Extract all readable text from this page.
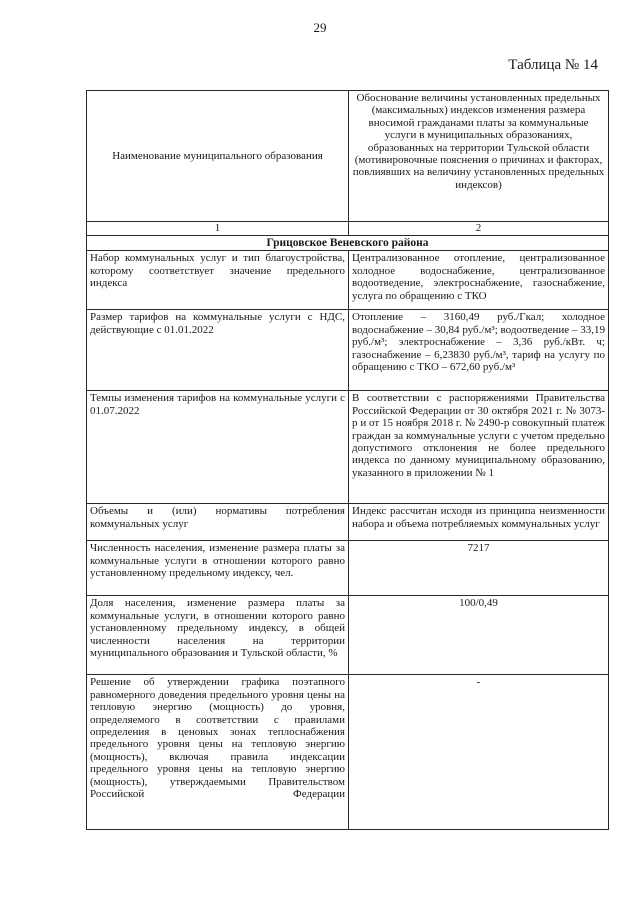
29
Таблица № 14
Наименование муниципального образования	Обоснование величины установленных предельных (максимальных) индексов изменения размера вносимой гражданами платы за коммунальные услуги в муниципальных образованиях, образованных на территории Тульской области (мотивировочные пояснения о причинах и факторах, повлиявших на величину установленных предельных индексов)
1	2
Грицовское Веневского района	
Набор коммунальных услуг и тип благоустройства, которому соответствует значение предельного индекса	Централизованное отопление, централизованное холодное водоснабжение, централизованное водоотведение, электроснабжение, газоснабжение, услуга по обращению с ТКО
Размер тарифов на коммунальные услуги с НДС, действующие с 01.01.2022	Отопление – 3160,49 руб./Гкал; холодное водоснабжение – 30,84 руб./м³; водоотведение – 33,19 руб./м³; электроснабжение – 3,36 руб./кВт. ч; газоснабжение – 6,23830 руб./м³, тариф на услугу по обращению с ТКО – 672,60 руб./м³
Темпы изменения тарифов на коммунальные услуги с 01.07.2022	В соответствии с распоряжениями Правительства Российской Федерации от 30 октября 2021 г. № 3073-р и от 15 ноября 2018 г. № 2490-р совокупный платеж граждан за коммунальные услуги с учетом предельно допустимого отклонения не более предельного индекса по данному муниципальному образованию, указанного в приложении № 1
Объемы и (или) нормативы потребления коммунальных услуг	Индекс рассчитан исходя из принципа неизменности набора и объема потребляемых коммунальных услуг
Численность населения, изменение размера платы за коммунальные услуги в отношении которого равно установленному предельному индексу, чел.	7217
Доля населения, изменение размера платы за коммунальные услуги, в отношении которого равно установленному предельному индексу, в общей численности населения на территории муниципального образования и Тульской области, %	100/0,49
Решение об утверждении графика поэтапного равномерного доведения предельного уровня цены на тепловую энергию (мощность) до уровня, определяемого в соответствии с правилами определения в ценовых зонах теплоснабжения предельного уровня цены на тепловую энергию (мощность), включая правила индексации предельного уровня цены на тепловую энергию (мощность), утверждаемыми Правительством Российской Федерации	-
